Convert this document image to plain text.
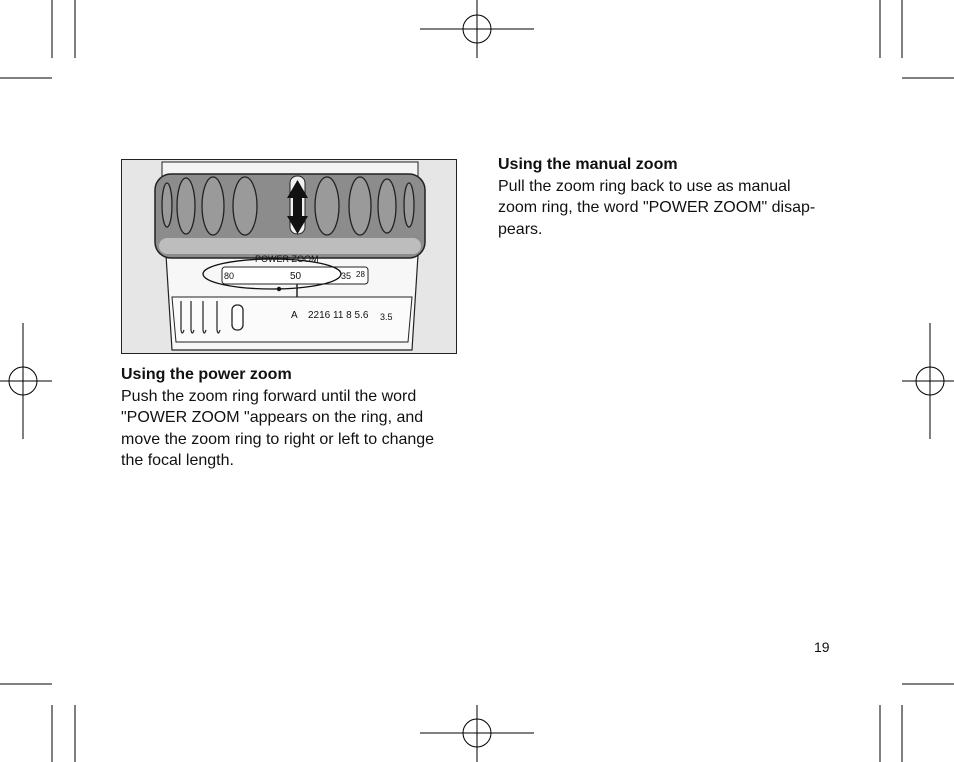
80	50	35 28
POWER ZOOM
A 2216 11 8 5.6 3.5
Using the power zoom

Push the zoom ring forward until the word "POWER ZOOM "appears on the ring, and move the zoom ring to right or left to change the focal length.

Using the manual zoom

Pull the zoom ring back to use as manual zoom ring, the word "POWER ZOOM" disap-pears.

19
